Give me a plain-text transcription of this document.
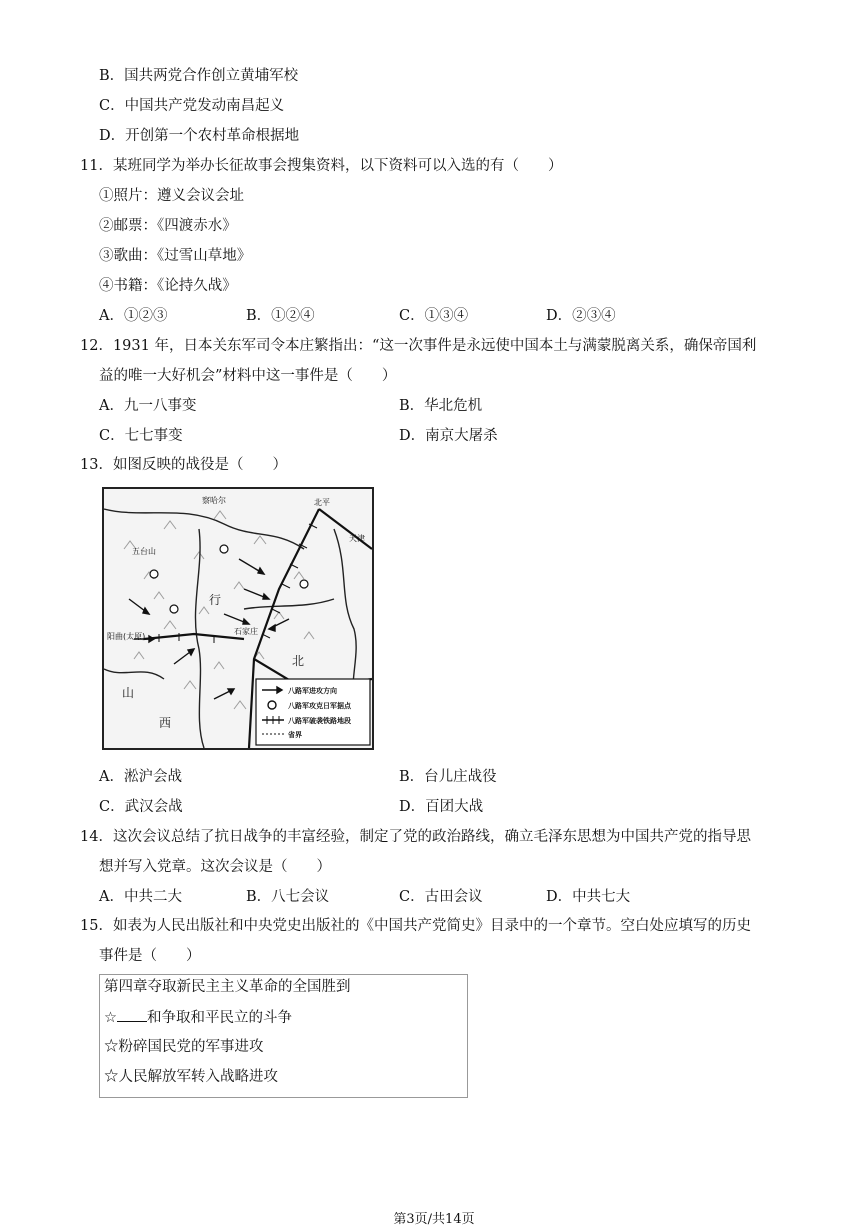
B．国共两党合作创立黄埔军校
C．中国共产党发动南昌起义
D．开创第一个农村革命根据地
11．某班同学为举办长征故事会搜集资料，以下资料可以入选的有（　　）
①照片：遵义会议会址
②邮票：《四渡赤水》
③歌曲：《过雪山草地》
④书籍：《论持久战》
A．①②③	B．①②④	C．①③④	D．②③④
12．1931 年，日本关东军司令本庄繁指出：“这一次事件是永远使中国本土与满蒙脱离关系，确保帝国利
益的唯一大好机会”材料中这一事件是（　　）
A．九一八事变	B．华北危机
C．七七事变	D．南京大屠杀
13．如图反映的战役是（　　）
察哈尔	北平
天津
石家庄
阳曲(太原)
五台山
山
西
北
行
八路军进攻方向
八路军攻克日军据点
八路军破袭铁路地段
省界
A．淞沪会战	B．台儿庄战役
C．武汉会战	D．百团大战
14．这次会议总结了抗日战争的丰富经验，制定了党的政治路线，确立毛泽东思想为中国共产党的指导思
想并写入党章。这次会议是（　　）
A．中共二大	B．八七会议	C．古田会议	D．中共七大
15．如表为人民出版社和中央党史出版社的《中国共产党简史》目录中的一个章节。空白处应填写的历史
事件是（　　）
第四章夺取新民主主义革命的全国胜到
☆ 和争取和平民立的斗争
☆粉碎国民党的军事进攻
☆人民解放军转入战略进攻
第3页/共14页
